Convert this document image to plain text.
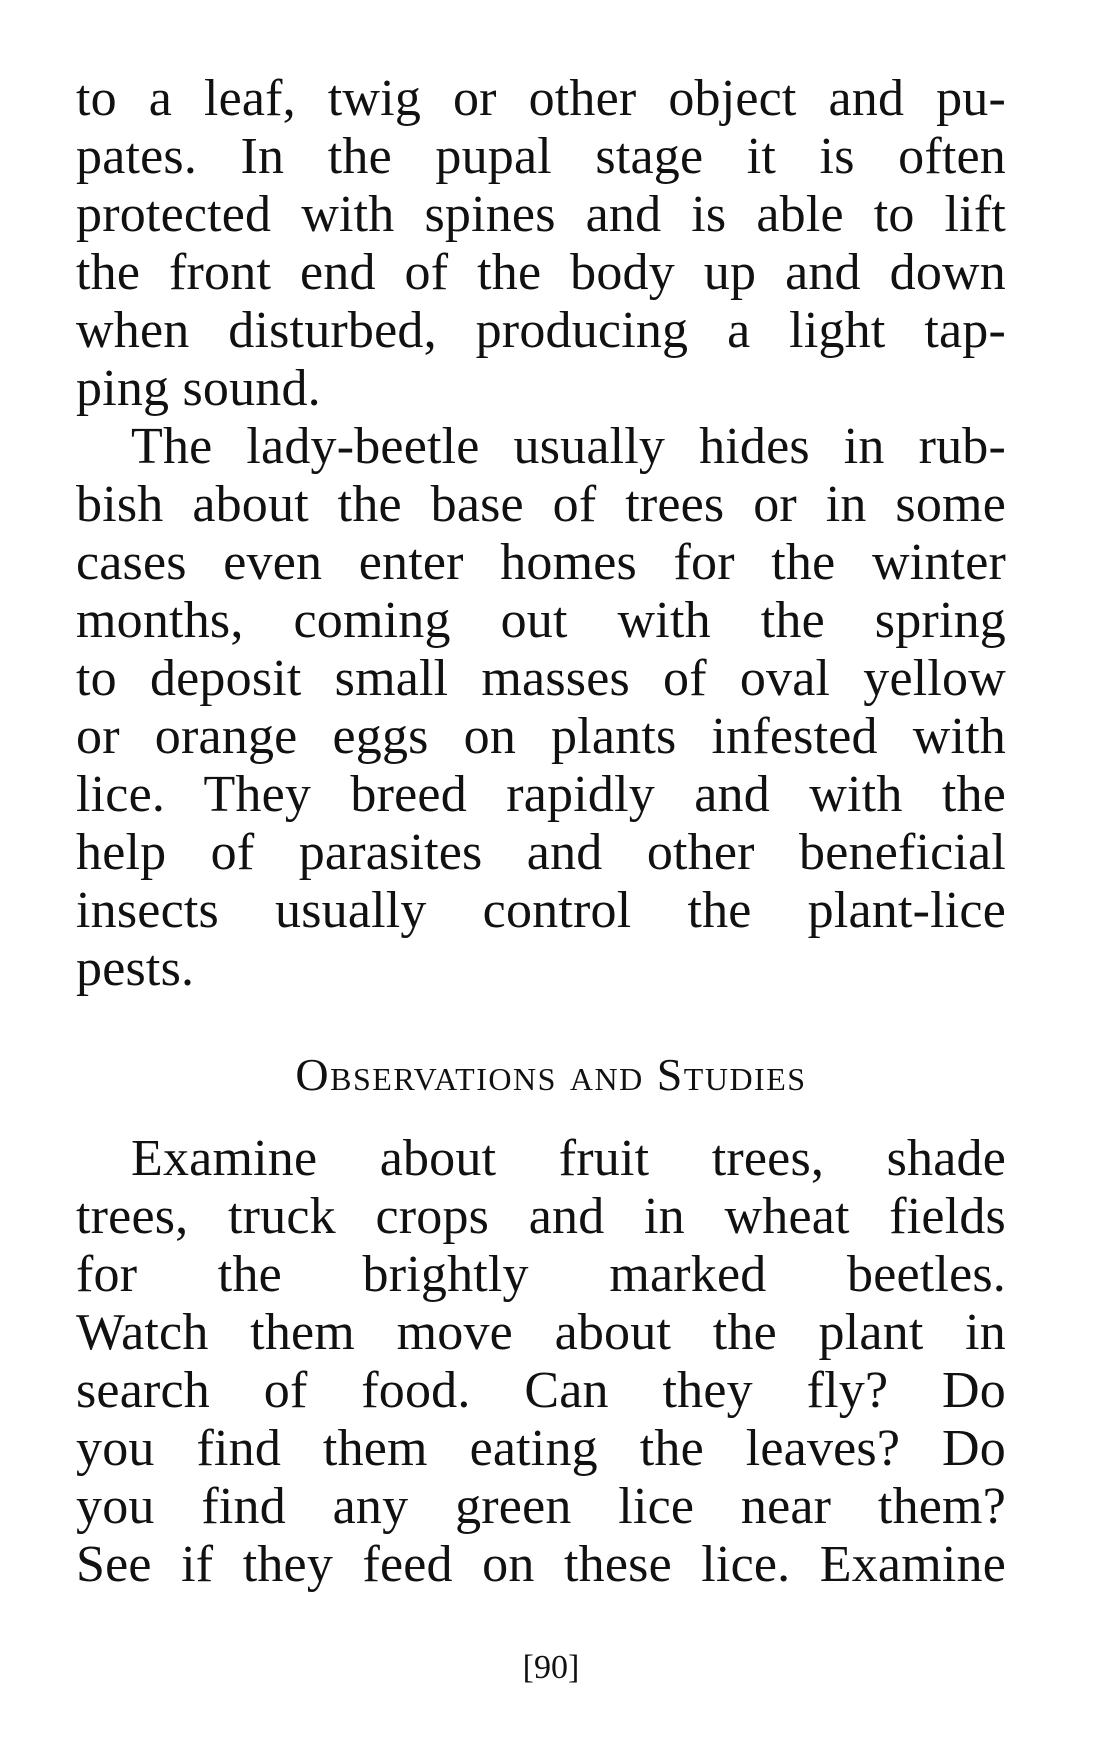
to a leaf, twig or other object and pu-
pates. In the pupal stage it is often
protected with spines and is able to lift
the front end of the body up and down
when disturbed, producing a light tap-
ping sound.
The lady-beetle usually hides in rub-
bish about the base of trees or in some
cases even enter homes for the winter
months, coming out with the spring
to deposit small masses of oval yellow
or orange eggs on plants infested with
lice. They breed rapidly and with the
help of parasites and other beneficial
insects usually control the plant-lice
pests.
Observations and Studies
Examine about fruit trees, shade
trees, truck crops and in wheat fields
for the brightly marked beetles.
Watch them move about the plant in
search of food. Can they fly? Do
you find them eating the leaves? Do
you find any green lice near them?
See if they feed on these lice. Examine
[90]
